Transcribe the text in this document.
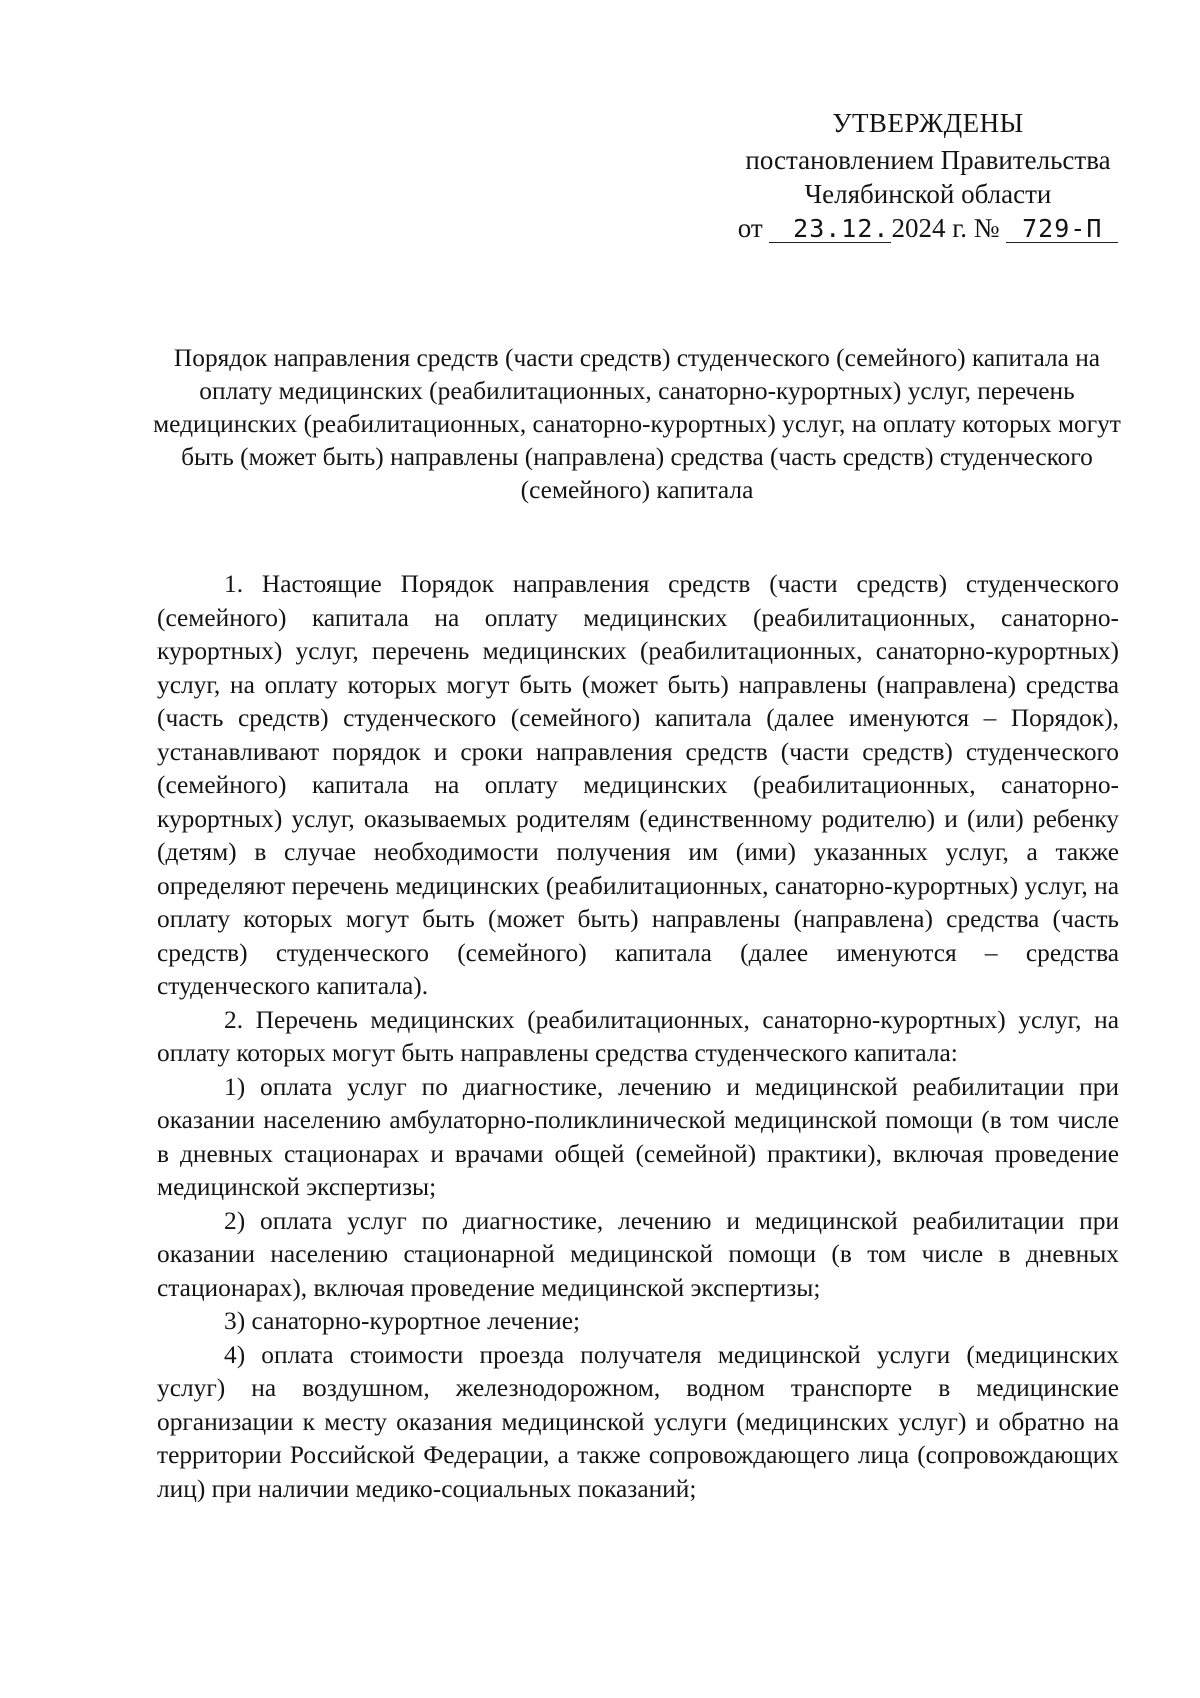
УТВЕРЖДЕНЫ
постановлением Правительства
Челябинской области
от 23.12.2024 г. № 729-П
Порядок направления средств (части средств) студенческого (семейного) капитала на оплату медицинских (реабилитационных, санаторно-курортных) услуг, перечень медицинских (реабилитационных, санаторно-курортных) услуг, на оплату которых могут быть (может быть) направлены (направлена) средства (часть средств) студенческого (семейного) капитала

1. Настоящие Порядок направления средств (части средств) студенческого (семейного) капитала на оплату медицинских (реабилитационных, санаторно-курортных) услуг, перечень медицинских (реабилитационных, санаторно-курортных) услуг, на оплату которых могут быть (может быть) направлены (направлена) средства (часть средств) студенческого (семейного) капитала (далее именуются – Порядок), устанавливают порядок и сроки направления средств (части средств) студенческого (семейного) капитала на оплату медицинских (реабилитационных, санаторно-курортных) услуг, оказываемых родителям (единственному родителю) и (или) ребенку (детям) в случае необходимости получения им (ими) указанных услуг, а также определяют перечень медицинских (реабилитационных, санаторно-курортных) услуг, на оплату которых могут быть (может быть) направлены (направлена) средства (часть средств) студенческого (семейного) капитала (далее именуются – средства студенческого капитала).

2. Перечень медицинских (реабилитационных, санаторно-курортных) услуг, на оплату которых могут быть направлены средства студенческого капитала:

1) оплата услуг по диагностике, лечению и медицинской реабилитации при оказании населению амбулаторно-поликлинической медицинской помощи (в том числе в дневных стационарах и врачами общей (семейной) практики), включая проведение медицинской экспертизы;

2) оплата услуг по диагностике, лечению и медицинской реабилитации при оказании населению стационарной медицинской помощи (в том числе в дневных стационарах), включая проведение медицинской экспертизы;

3) санаторно-курортное лечение;

4) оплата стоимости проезда получателя медицинской услуги (медицинских услуг) на воздушном, железнодорожном, водном транспорте в медицинские организации к месту оказания медицинской услуги (медицинских услуг) и обратно на территории Российской Федерации, а также сопровождающего лица (сопровождающих лиц) при наличии медико-социальных показаний;
